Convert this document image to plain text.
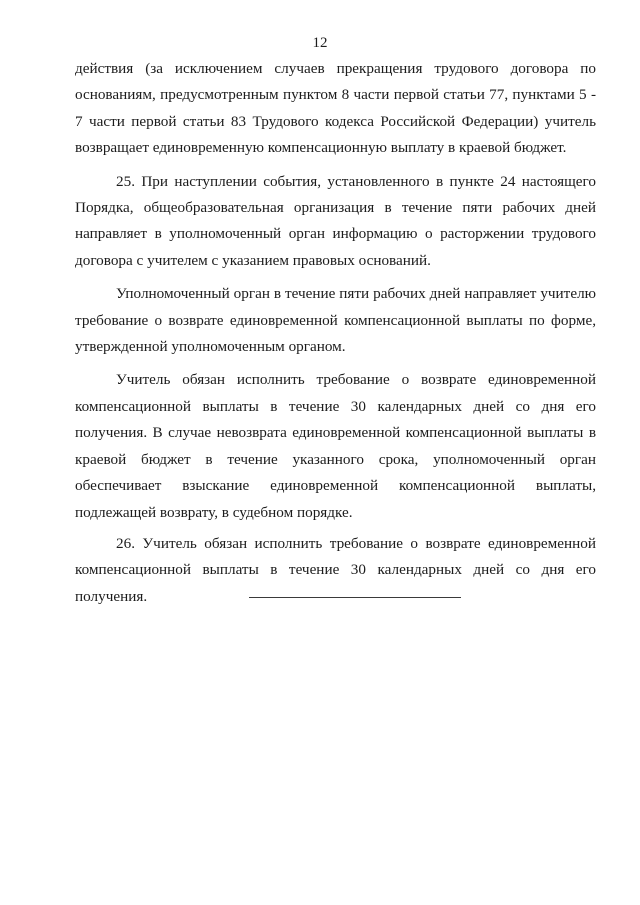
12

действия (за исключением случаев прекращения трудового договора по основаниям, предусмотренным пунктом 8 части первой статьи 77, пунктами 5 - 7 части первой статьи 83 Трудового кодекса Российской Федерации) учитель возвращает единовременную компенсационную выплату в краевой бюджет.

25. При наступлении события, установленного в пункте 24 настоящего Порядка, общеобразовательная организация в течение пяти рабочих дней направляет в уполномоченный орган информацию о расторжении трудового договора с учителем с указанием правовых оснований.

Уполномоченный орган в течение пяти рабочих дней направляет учителю требование о возврате единовременной компенсационной выплаты по форме, утвержденной уполномоченным органом.

Учитель обязан исполнить требование о возврате единовременной компенсационной выплаты в течение 30 календарных дней со дня его получения. В случае невозврата единовременной компенсационной выплаты в краевой бюджет в течение указанного срока, уполномоченный орган обеспечивает взыскание единовременной компенсационной выплаты, подлежащей возврату, в судебном порядке.

26. Учитель обязан исполнить требование о возврате единовременной компенсационной выплаты в течение 30 календарных дней со дня его получения.
